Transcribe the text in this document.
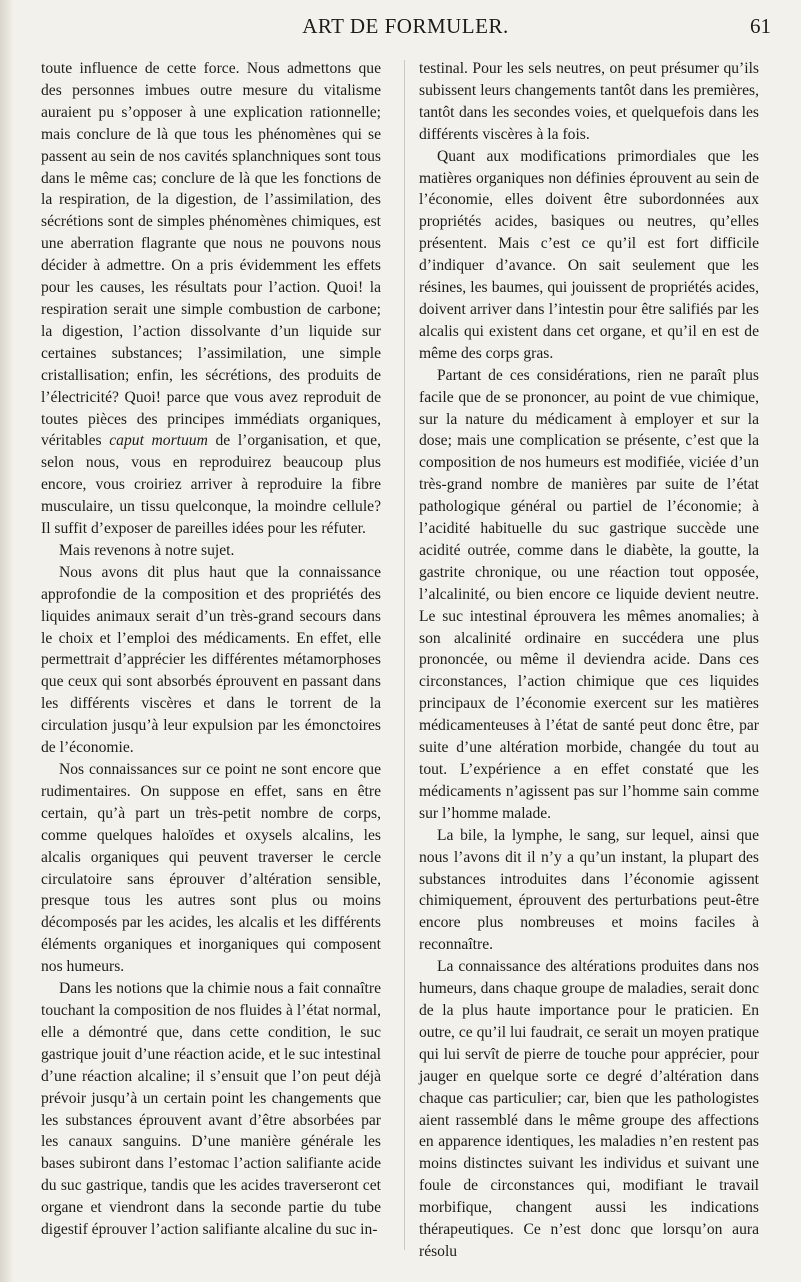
ART DE FORMULER.	61

toute influence de cette force. Nous admettons que des personnes imbues outre mesure du vitalisme auraient pu s’opposer à une explication rationnelle; mais conclure de là que tous les phénomènes qui se passent au sein de nos cavités splanchniques sont tous dans le même cas; conclure de là que les fonctions de la respiration, de la digestion, de l’assimilation, des sécrétions sont de simples phénomènes chimiques, est une aberration flagrante que nous ne pouvons nous décider à admettre. On a pris évidemment les effets pour les causes, les résultats pour l’action. Quoi! la respiration serait une simple combustion de carbone; la digestion, l’action dissolvante d’un liquide sur certaines substances; l’assimilation, une simple cristallisation; enfin, les sécrétions, des produits de l’électricité? Quoi! parce que vous avez reproduit de toutes pièces des principes immédiats organiques, véritables caput mortuum de l’organisation, et que, selon nous, vous en reproduirez beaucoup plus encore, vous croiriez arriver à reproduire la fibre musculaire, un tissu quelconque, la moindre cellule? Il suffit d’exposer de pareilles idées pour les réfuter.

Mais revenons à notre sujet.

Nous avons dit plus haut que la connaissance approfondie de la composition et des propriétés des liquides animaux serait d’un très-grand secours dans le choix et l’emploi des médicaments. En effet, elle permettrait d’apprécier les différentes métamorphoses que ceux qui sont absorbés éprouvent en passant dans les différents viscères et dans le torrent de la circulation jusqu’à leur expulsion par les émonctoires de l’économie.

Nos connaissances sur ce point ne sont encore que rudimentaires. On suppose en effet, sans en être certain, qu’à part un très-petit nombre de corps, comme quelques haloïdes et oxysels alcalins, les alcalis organiques qui peuvent traverser le cercle circulatoire sans éprouver d’altération sensible, presque tous les autres sont plus ou moins décomposés par les acides, les alcalis et les différents éléments organiques et inorganiques qui composent nos humeurs.

Dans les notions que la chimie nous a fait connaître touchant la composition de nos fluides à l’état normal, elle a démontré que, dans cette condition, le suc gastrique jouit d’une réaction acide, et le suc intestinal d’une réaction alcaline; il s’ensuit que l’on peut déjà prévoir jusqu’à un certain point les changements que les substances éprouvent avant d’être absorbées par les canaux sanguins. D’une manière générale les bases subiront dans l’estomac l’action salifiante acide du suc gastrique, tandis que les acides traverseront cet organe et viendront dans la seconde partie du tube digestif éprouver l’action salifiante alcaline du suc in-

testinal. Pour les sels neutres, on peut présumer qu’ils subissent leurs changements tantôt dans les premières, tantôt dans les secondes voies, et quelquefois dans les différents viscères à la fois.

Quant aux modifications primordiales que les matières organiques non définies éprouvent au sein de l’économie, elles doivent être subordonnées aux propriétés acides, basiques ou neutres, qu’elles présentent. Mais c’est ce qu’il est fort difficile d’indiquer d’avance. On sait seulement que les résines, les baumes, qui jouissent de propriétés acides, doivent arriver dans l’intestin pour être salifiés par les alcalis qui existent dans cet organe, et qu’il en est de même des corps gras.

Partant de ces considérations, rien ne paraît plus facile que de se prononcer, au point de vue chimique, sur la nature du médicament à employer et sur la dose; mais une complication se présente, c’est que la composition de nos humeurs est modifiée, viciée d’un très-grand nombre de manières par suite de l’état pathologique général ou partiel de l’économie; à l’acidité habituelle du suc gastrique succède une acidité outrée, comme dans le diabète, la goutte, la gastrite chronique, ou une réaction tout opposée, l’alcalinité, ou bien encore ce liquide devient neutre. Le suc intestinal éprouvera les mêmes anomalies; à son alcalinité ordinaire en succédera une plus prononcée, ou même il deviendra acide. Dans ces circonstances, l’action chimique que ces liquides principaux de l’économie exercent sur les matières médicamenteuses à l’état de santé peut donc être, par suite d’une altération morbide, changée du tout au tout. L’expérience a en effet constaté que les médicaments n’agissent pas sur l’homme sain comme sur l’homme malade.

La bile, la lymphe, le sang, sur lequel, ainsi que nous l’avons dit il n’y a qu’un instant, la plupart des substances introduites dans l’économie agissent chimiquement, éprouvent des perturbations peut-être encore plus nombreuses et moins faciles à reconnaître.

La connaissance des altérations produites dans nos humeurs, dans chaque groupe de maladies, serait donc de la plus haute importance pour le praticien. En outre, ce qu’il lui faudrait, ce serait un moyen pratique qui lui servît de pierre de touche pour apprécier, pour jauger en quelque sorte ce degré d’altération dans chaque cas particulier; car, bien que les pathologistes aient rassemblé dans le même groupe des affections en apparence identiques, les maladies n’en restent pas moins distinctes suivant les individus et suivant une foule de circonstances qui, modifiant le travail morbifique, changent aussi les indications thérapeutiques. Ce n’est donc que lorsqu’on aura résolu
